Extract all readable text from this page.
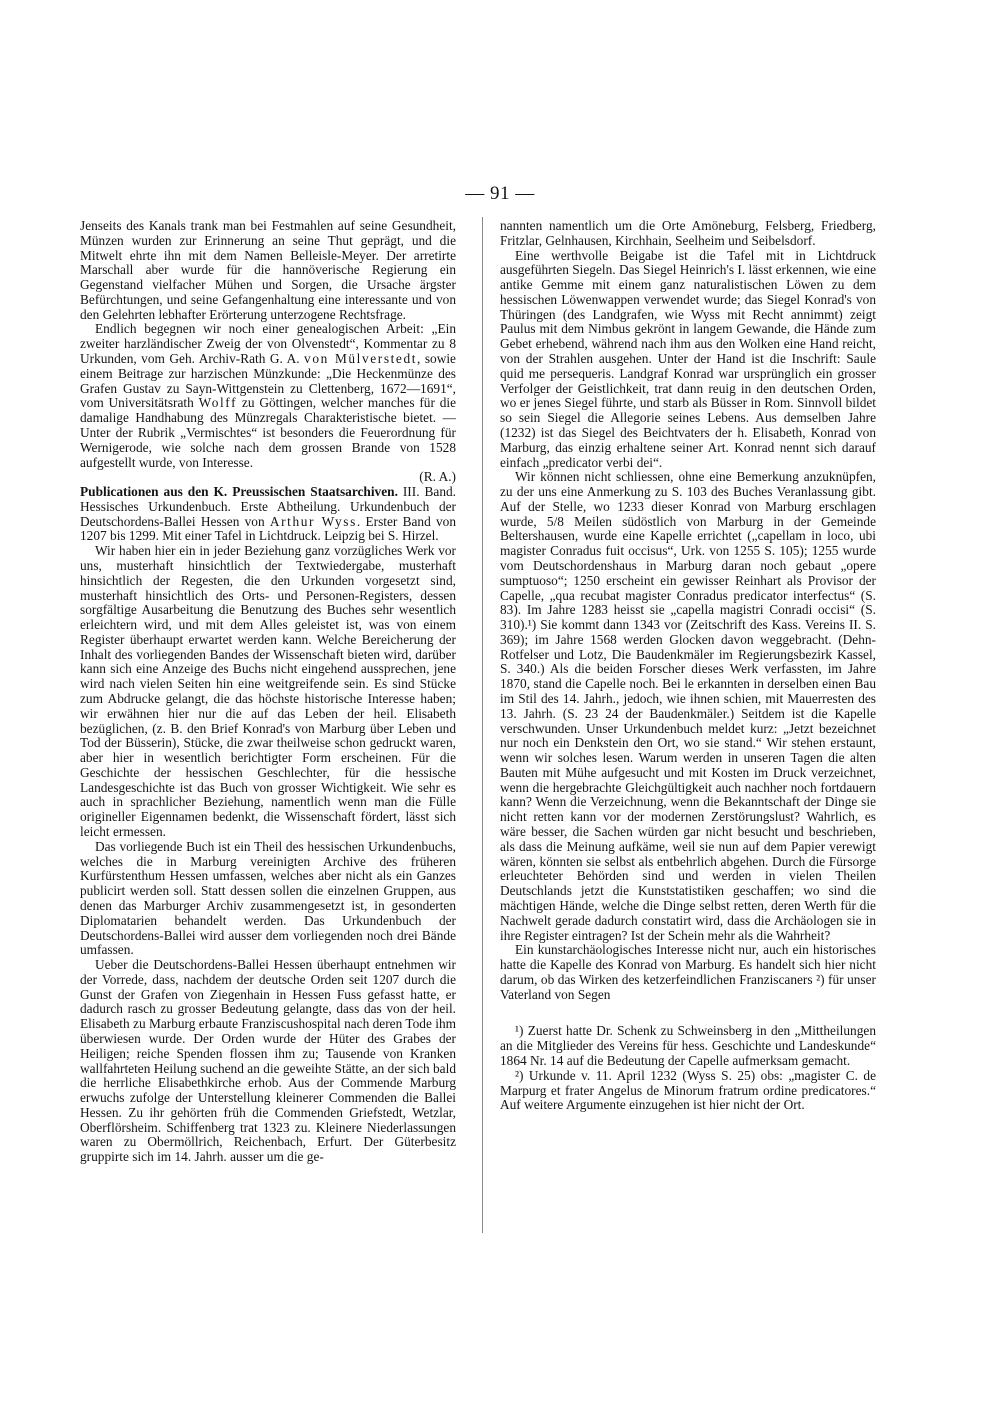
— 91 —

Jenseits des Kanals trank man bei Festmahlen auf seine Gesundheit, Münzen wurden zur Erinnerung an seine Thut geprägt, und die Mitwelt ehrte ihn mit dem Namen Belleisle-Meyer. Der arretirte Marschall aber wurde für die hannöverische Regierung ein Gegenstand vielfacher Mühen und Sorgen, die Ursache ärgster Befürchtungen, und seine Gefangenhaltung eine interessante und von den Gelehrten lebhafter Erörterung unterzogene Rechtsfrage.

Endlich begegnen wir noch einer genealogischen Arbeit: „Ein zweiter harzländischer Zweig der von Olvenstedt“, Kommentar zu 8 Urkunden, vom Geh. Archiv-Rath G. A. von Mülverstedt, sowie einem Beitrage zur harzischen Münzkunde: „Die Heckenmünze des Grafen Gustav zu Sayn-Wittgenstein zu Clettenberg, 1672—1691“, vom Universitätsrath Wolff zu Göttingen, welcher manches für die damalige Handhabung des Münzregals Charakteristische bietet. — Unter der Rubrik „Vermischtes“ ist besonders die Feuerordnung für Wernigerode, wie solche nach dem grossen Brande von 1528 aufgestellt wurde, von Interesse.

(R. A.)

Publicationen aus den K. Preussischen Staatsarchiven. III. Band. Hessisches Urkundenbuch. Erste Abtheilung. Urkundenbuch der Deutschordens-Ballei Hessen von Arthur Wyss. Erster Band von 1207 bis 1299. Mit einer Tafel in Lichtdruck. Leipzig bei S. Hirzel.

Wir haben hier ein in jeder Beziehung ganz vorzügliches Werk vor uns, musterhaft hinsichtlich der Textwiedergabe, musterhaft hinsichtlich der Regesten, die den Urkunden vorgesetzt sind, musterhaft hinsichtlich des Orts- und Personen-Registers, dessen sorgfältige Ausarbeitung die Benutzung des Buches sehr wesentlich erleichtern wird, und mit dem Alles geleistet ist, was von einem Register überhaupt erwartet werden kann. Welche Bereicherung der Inhalt des vorliegenden Bandes der Wissenschaft bieten wird, darüber kann sich eine Anzeige des Buchs nicht eingehend aussprechen, jene wird nach vielen Seiten hin eine weitgreifende sein. Es sind Stücke zum Abdrucke gelangt, die das höchste historische Interesse haben; wir erwähnen hier nur die auf das Leben der heil. Elisabeth bezüglichen, (z. B. den Brief Konrad's von Marburg über Leben und Tod der Büsserin), Stücke, die zwar theilweise schon gedruckt waren, aber hier in wesentlich berichtigter Form erscheinen. Für die Geschichte der hessischen Geschlechter, für die hessische Landesgeschichte ist das Buch von grosser Wichtigkeit. Wie sehr es auch in sprachlicher Beziehung, namentlich wenn man die Fülle origineller Eigennamen bedenkt, die Wissenschaft fördert, lässt sich leicht ermessen.

Das vorliegende Buch ist ein Theil des hessischen Urkundenbuchs, welches die in Marburg vereinigten Archive des früheren Kurfürstenthum Hessen umfassen, welches aber nicht als ein Ganzes publicirt werden soll. Statt dessen sollen die einzelnen Gruppen, aus denen das Marburger Archiv zusammengesetzt ist, in gesonderten Diplomatarien behandelt werden. Das Urkundenbuch der Deutschordens-Ballei wird ausser dem vorliegenden noch drei Bände umfassen.

Ueber die Deutschordens-Ballei Hessen überhaupt entnehmen wir der Vorrede, dass, nachdem der deutsche Orden seit 1207 durch die Gunst der Grafen von Ziegenhain in Hessen Fuss gefasst hatte, er dadurch rasch zu grosser Bedeutung gelangte, dass das von der heil. Elisabeth zu Marburg erbaute Franziscushospital nach deren Tode ihm überwiesen wurde. Der Orden wurde der Hüter des Grabes der Heiligen; reiche Spenden flossen ihm zu; Tausende von Kranken wallfahrteten Heilung suchend an die geweihte Stätte, an der sich bald die herrliche Elisabethkirche erhob. Aus der Commende Marburg erwuchs zufolge der Unterstellung kleinerer Commenden die Ballei Hessen. Zu ihr gehörten früh die Commenden Griefstedt, Wetzlar, Oberflörsheim. Schiffenberg trat 1323 zu. Kleinere Niederlassungen waren zu Obermöllrich, Reichenbach, Erfurt. Der Güterbesitz gruppirte sich im 14. Jahrh. ausser um die ge-

nannten namentlich um die Orte Amöneburg, Felsberg, Friedberg, Fritzlar, Gelnhausen, Kirchhain, Seelheim und Seibelsdorf.

Eine werthvolle Beigabe ist die Tafel mit in Lichtdruck ausgeführten Siegeln. Das Siegel Heinrich's I. lässt erkennen, wie eine antike Gemme mit einem ganz naturalistischen Löwen zu dem hessischen Löwenwappen verwendet wurde; das Siegel Konrad's von Thüringen (des Landgrafen, wie Wyss mit Recht annimmt) zeigt Paulus mit dem Nimbus gekrönt in langem Gewande, die Hände zum Gebet erhebend, während nach ihm aus den Wolken eine Hand reicht, von der Strahlen ausgehen. Unter der Hand ist die Inschrift: Saule quid me persequeris. Landgraf Konrad war ursprünglich ein grosser Verfolger der Geistlichkeit, trat dann reuig in den deutschen Orden, wo er jenes Siegel führte, und starb als Büsser in Rom. Sinnvoll bildet so sein Siegel die Allegorie seines Lebens. Aus demselben Jahre (1232) ist das Siegel des Beichtvaters der h. Elisabeth, Konrad von Marburg, das einzig erhaltene seiner Art. Konrad nennt sich darauf einfach „predicator verbi dei“.

Wir können nicht schliessen, ohne eine Bemerkung anzuknüpfen, zu der uns eine Anmerkung zu S. 103 des Buches Veranlassung gibt. Auf der Stelle, wo 1233 dieser Konrad von Marburg erschlagen wurde, 5/8 Meilen südöstlich von Marburg in der Gemeinde Beltershausen, wurde eine Kapelle errichtet („capellam in loco, ubi magister Conradus fuit occisus“, Urk. von 1255 S. 105); 1255 wurde vom Deutschordenshaus in Marburg daran noch gebaut „opere sumptuoso“; 1250 erscheint ein gewisser Reinhart als Provisor der Capelle, „qua recubat magister Conradus predicator interfectus“ (S. 83). Im Jahre 1283 heisst sie „capella magistri Conradi occisi“ (S. 310).¹) Sie kommt dann 1343 vor (Zeitschrift des Kass. Vereins II. S. 369); im Jahre 1568 werden Glocken davon weggebracht. (Dehn-Rotfelser und Lotz, Die Baudenkmäler im Regierungsbezirk Kassel, S. 340.) Als die beiden Forscher dieses Werk verfassten, im Jahre 1870, stand die Capelle noch. Bei le erkannten in derselben einen Bau im Stil des 14. Jahrh., jedoch, wie ihnen schien, mit Mauerresten des 13. Jahrh. (S. 23 24 der Baudenkmäler.) Seitdem ist die Kapelle verschwunden. Unser Urkundenbuch meldet kurz: „Jetzt bezeichnet nur noch ein Denkstein den Ort, wo sie stand.“ Wir stehen erstaunt, wenn wir solches lesen. Warum werden in unseren Tagen die alten Bauten mit Mühe aufgesucht und mit Kosten im Druck verzeichnet, wenn die hergebrachte Gleichgültigkeit auch nachher noch fortdauern kann? Wenn die Verzeichnung, wenn die Bekanntschaft der Dinge sie nicht retten kann vor der modernen Zerstörungslust? Wahrlich, es wäre besser, die Sachen würden gar nicht besucht und beschrieben, als dass die Meinung aufkäme, weil sie nun auf dem Papier verewigt wären, könnten sie selbst als entbehrlich abgehen. Durch die Fürsorge erleuchteter Behörden sind und werden in vielen Theilen Deutschlands jetzt die Kunststatistiken geschaffen; wo sind die mächtigen Hände, welche die Dinge selbst retten, deren Werth für die Nachwelt gerade dadurch constatirt wird, dass die Archäologen sie in ihre Register eintragen? Ist der Schein mehr als die Wahrheit?

Ein kunstarchäologisches Interesse nicht nur, auch ein historisches hatte die Kapelle des Konrad von Marburg. Es handelt sich hier nicht darum, ob das Wirken des ketzerfeindlichen Franziscaners ²) für unser Vaterland von Segen

¹) Zuerst hatte Dr. Schenk zu Schweinsberg in den „Mittheilungen an die Mitglieder des Vereins für hess. Geschichte und Landeskunde“ 1864 Nr. 14 auf die Bedeutung der Capelle aufmerksam gemacht.

²) Urkunde v. 11. April 1232 (Wyss S. 25) obs: „magister C. de Marpurg et frater Angelus de Minorum fratrum ordine predicatores.“ Auf weitere Argumente einzugehen ist hier nicht der Ort.
